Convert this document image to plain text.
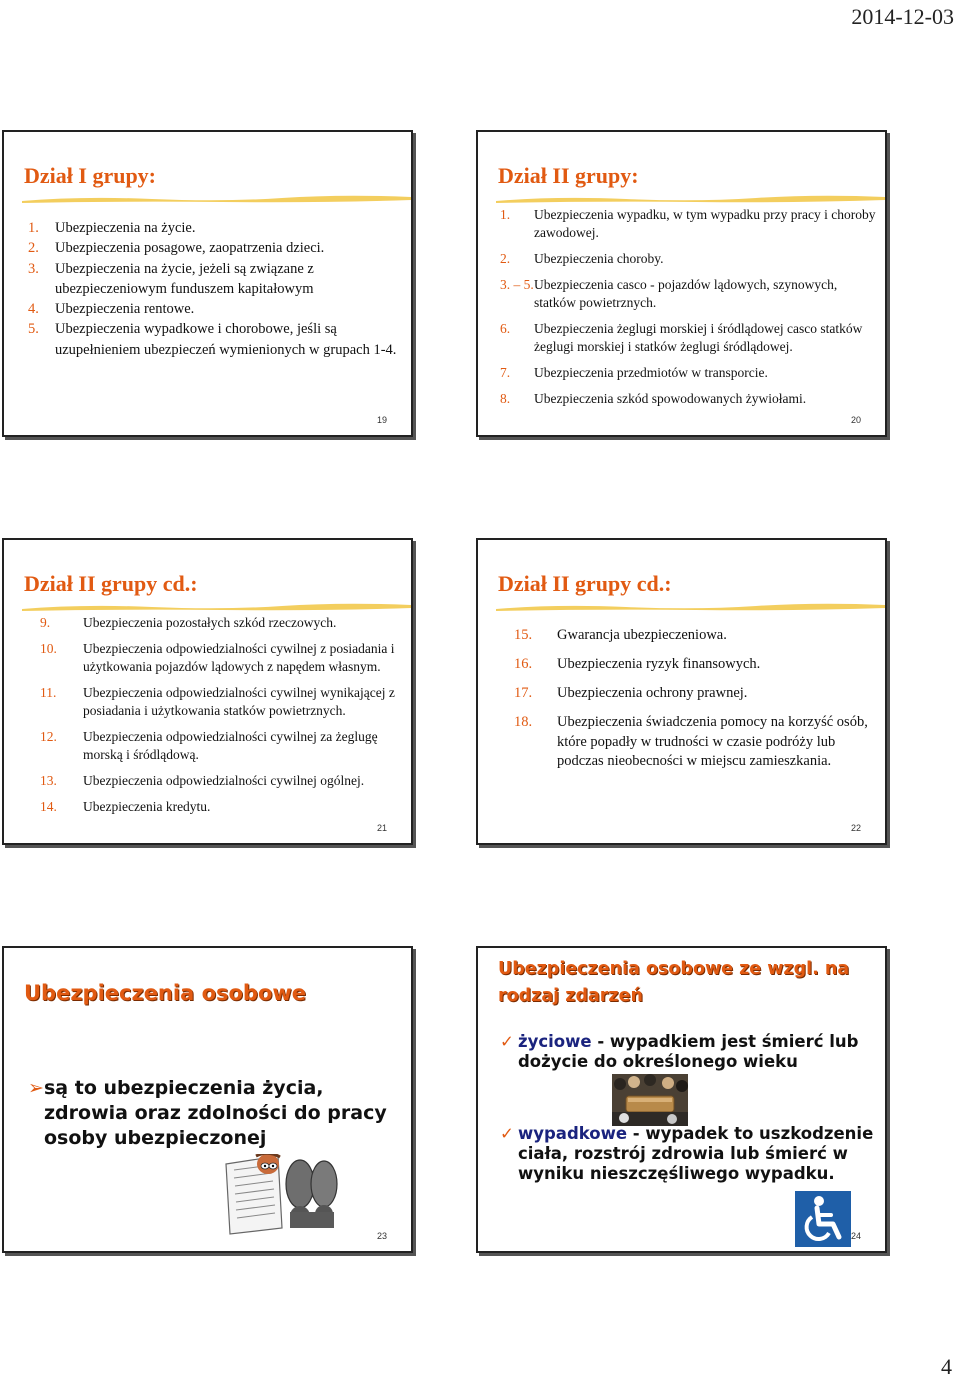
2014-12-03
Dział I grupy:
1. Ubezpieczenia na życie.
2. Ubezpieczenia posagowe, zaopatrzenia dzieci.
3. Ubezpieczenia na życie, jeżeli są związane z ubezpieczeniowym funduszem kapitałowym
4. Ubezpieczenia rentowe.
5. Ubezpieczenia wypadkowe i chorobowe, jeśli są uzupełnieniem ubezpieczeń wymienionych w grupach 1-4.
19
Dział II grupy:
1. Ubezpieczenia wypadku, w tym wypadku przy pracy i choroby zawodowej.
2. Ubezpieczenia choroby.
3. – 5. Ubezpieczenia casco - pojazdów lądowych, szynowych, statków powietrznych.
6. Ubezpieczenia żeglugi morskiej i śródlądowej casco statków żeglugi morskiej i statków żeglugi śródlądowej.
7. Ubezpieczenia przedmiotów w transporcie.
8. Ubezpieczenia szkód spowodowanych żywiołami.
20
Dział II grupy cd.:
9. Ubezpieczenia pozostałych szkód rzeczowych.
10. Ubezpieczenia odpowiedzialności cywilnej z posiadania i użytkowania pojazdów lądowych z napędem własnym.
11. Ubezpieczenia odpowiedzialności cywilnej wynikającej z posiadania i użytkowania statków powietrznych.
12. Ubezpieczenia odpowiedzialności cywilnej za żeglugę morską i śródlądową.
13. Ubezpieczenia odpowiedzialności cywilnej ogólnej.
14. Ubezpieczenia kredytu.
21
Dział II grupy cd.:
15. Gwarancja ubezpieczeniowa.
16. Ubezpieczenia ryzyk finansowych.
17. Ubezpieczenia ochrony prawnej.
18. Ubezpieczenia świadczenia pomocy na korzyść osób, które popadły w trudności w czasie podróży lub podczas nieobecności w miejscu zamieszkania.
22
Ubezpieczenia osobowe
➢ są to ubezpieczenia życia, zdrowia oraz zdolności do pracy osoby ubezpieczonej
23
Ubezpieczenia osobowe ze wzgl. na rodzaj zdarzeń
✓ życiowe - wypadkiem jest śmierć lub dożycie do określonego wieku
✓ wypadkowe - wypadek to uszkodzenie ciała, rozstrój zdrowia lub śmierć w wyniku nieszczęśliwego wypadku.
24
4
